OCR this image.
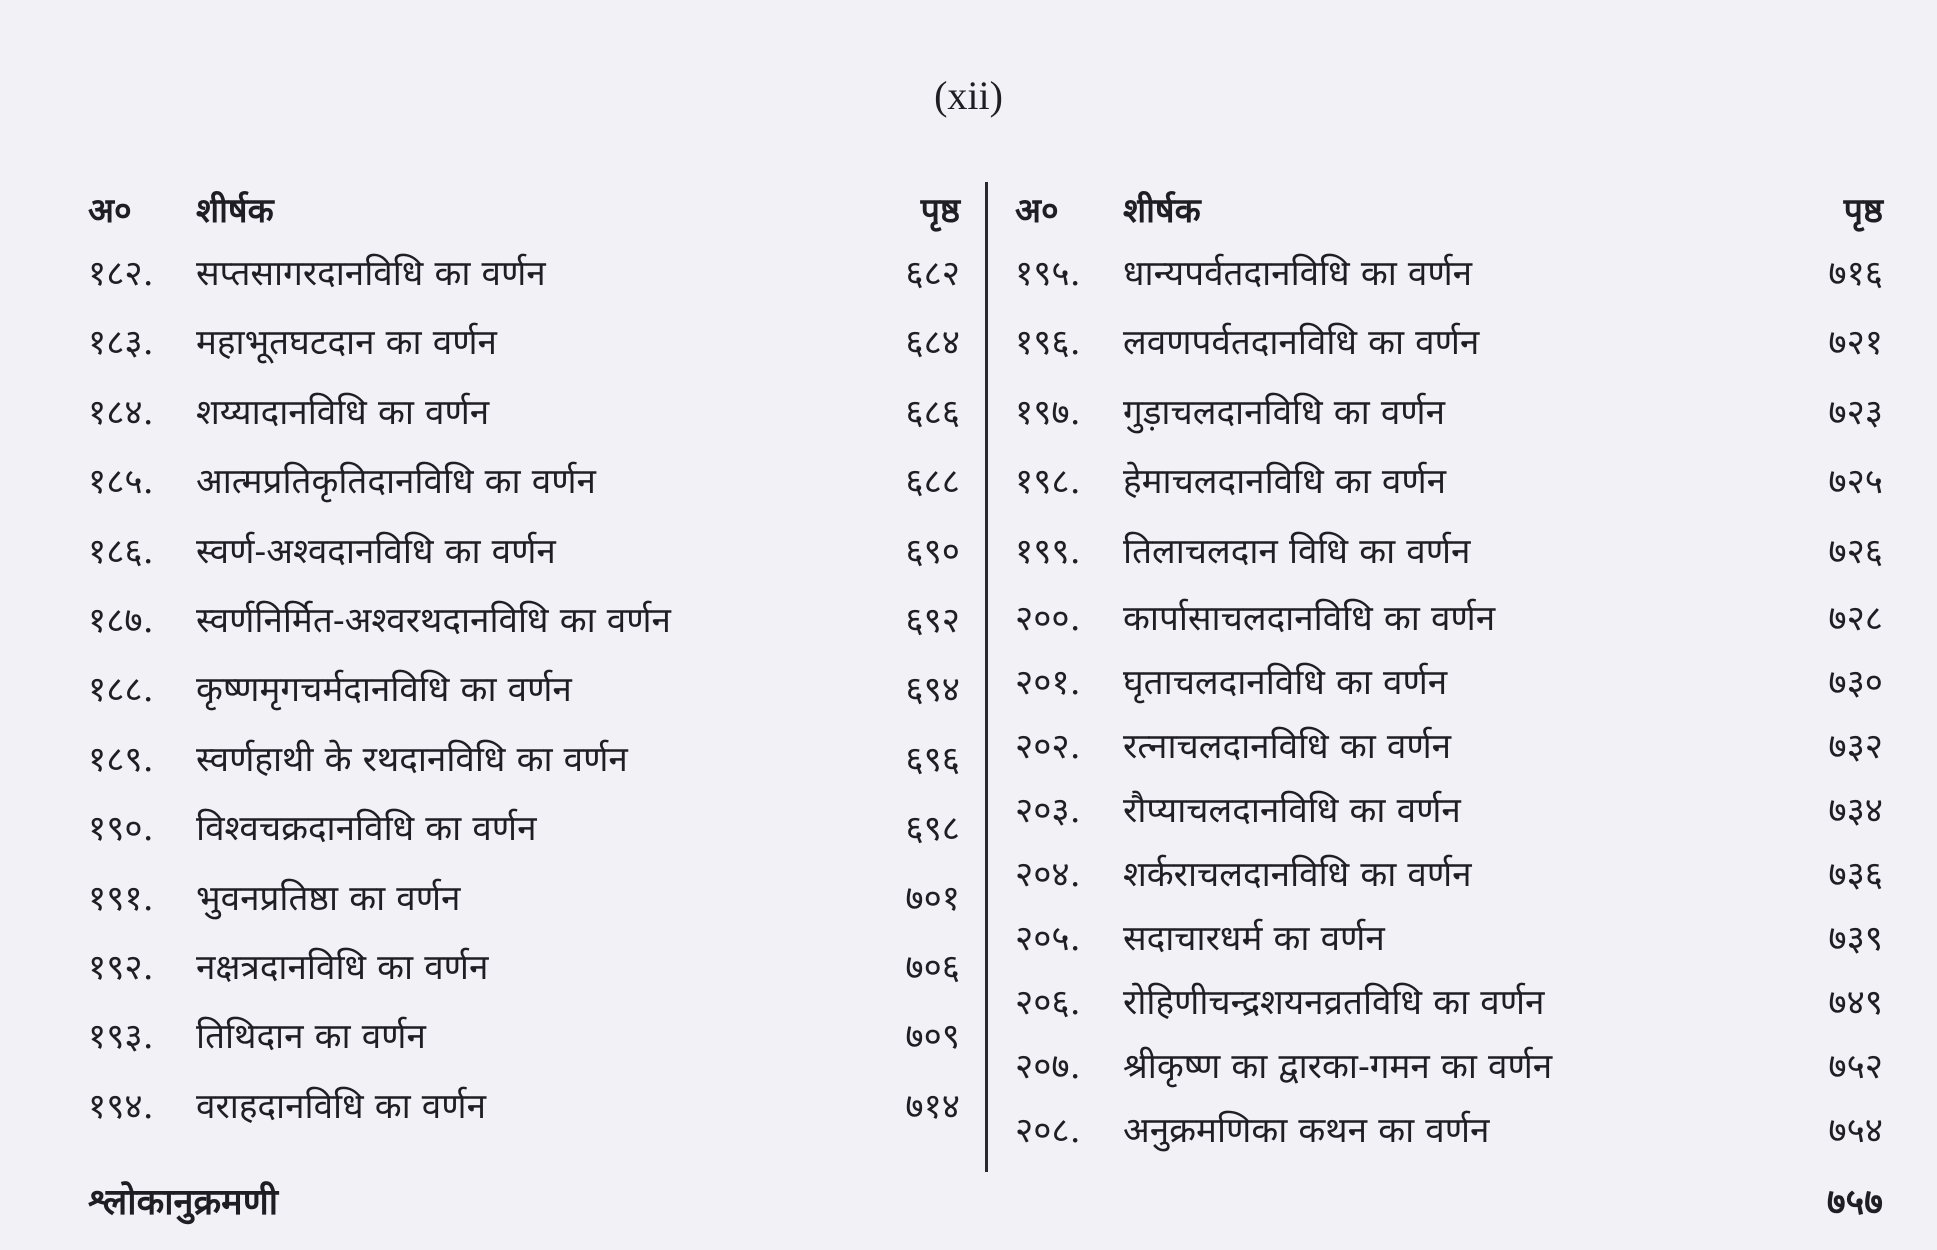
(xii)
अ० शीर्षक	पृष्ठ
१८२. सप्तसागरदानविधि का वर्णन	६८२
१८३. महाभूतघटदान का वर्णन	६८४
१८४. शय्यादानविधि का वर्णन	६८६
१८५. आत्मप्रतिकृतिदानविधि का वर्णन	६८८
१८६. स्वर्ण-अश्वदानविधि का वर्णन	६९०
१८७. स्वर्णनिर्मित-अश्वरथदानविधि का वर्णन	६९२
१८८. कृष्णमृगचर्मदानविधि का वर्णन	६९४
१८९. स्वर्णहाथी के रथदानविधि का वर्णन	६९६
१९०. विश्वचक्रदानविधि का वर्णन	६९८
१९१. भुवनप्रतिष्ठा का वर्णन	७०१
१९२. नक्षत्रदानविधि का वर्णन	७०६
१९३. तिथिदान का वर्णन	७०९
१९४. वराहदानविधि का वर्णन	७१४
अ० शीर्षक	पृष्ठ
१९५. धान्यपर्वतदानविधि का वर्णन	७१६
१९६. लवणपर्वतदानविधि का वर्णन	७२१
१९७. गुड़ाचलदानविधि का वर्णन	७२३
१९८. हेमाचलदानविधि का वर्णन	७२५
१९९. तिलाचलदान विधि का वर्णन	७२६
२००. कार्पासाचलदानविधि का वर्णन	७२८
२०१. घृताचलदानविधि का वर्णन	७३०
२०२. रत्नाचलदानविधि का वर्णन	७३२
२०३. रौप्याचलदानविधि का वर्णन	७३४
२०४. शर्कराचलदानविधि का वर्णन	७३६
२०५. सदाचारधर्म का वर्णन	७३९
२०६. रोहिणीचन्द्रशयनव्रतविधि का वर्णन	७४९
२०७. श्रीकृष्ण का द्वारका-गमन का वर्णन	७५२
२०८. अनुक्रमणिका कथन का वर्णन	७५४
श्लोकानुक्रमणी	७५७
